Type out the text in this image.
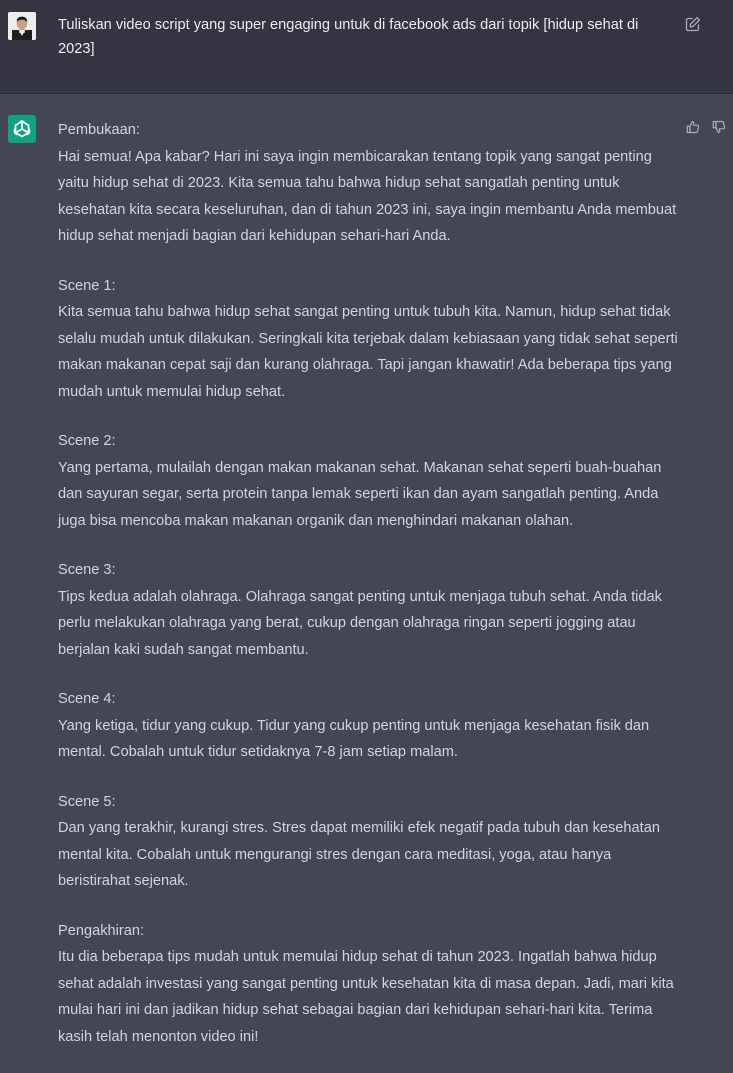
Tuliskan video script yang super engaging untuk di facebook ads dari topik [hidup sehat di 2023]

Pembukaan:

Hai semua! Apa kabar? Hari ini saya ingin membicarakan tentang topik yang sangat penting yaitu hidup sehat di 2023. Kita semua tahu bahwa hidup sehat sangatlah penting untuk kesehatan kita secara keseluruhan, dan di tahun 2023 ini, saya ingin membantu Anda membuat hidup sehat menjadi bagian dari kehidupan sehari-hari Anda.

Scene 1:

Kita semua tahu bahwa hidup sehat sangat penting untuk tubuh kita. Namun, hidup sehat tidak selalu mudah untuk dilakukan. Seringkali kita terjebak dalam kebiasaan yang tidak sehat seperti makan makanan cepat saji dan kurang olahraga. Tapi jangan khawatir! Ada beberapa tips yang mudah untuk memulai hidup sehat.

Scene 2:

Yang pertama, mulailah dengan makan makanan sehat. Makanan sehat seperti buah-buahan dan sayuran segar, serta protein tanpa lemak seperti ikan dan ayam sangatlah penting. Anda juga bisa mencoba makan makanan organik dan menghindari makanan olahan.

Scene 3:

Tips kedua adalah olahraga. Olahraga sangat penting untuk menjaga tubuh sehat. Anda tidak perlu melakukan olahraga yang berat, cukup dengan olahraga ringan seperti jogging atau berjalan kaki sudah sangat membantu.

Scene 4:

Yang ketiga, tidur yang cukup. Tidur yang cukup penting untuk menjaga kesehatan fisik dan mental. Cobalah untuk tidur setidaknya 7-8 jam setiap malam.

Scene 5:

Dan yang terakhir, kurangi stres. Stres dapat memiliki efek negatif pada tubuh dan kesehatan mental kita. Cobalah untuk mengurangi stres dengan cara meditasi, yoga, atau hanya beristirahat sejenak.

Pengakhiran:

Itu dia beberapa tips mudah untuk memulai hidup sehat di tahun 2023. Ingatlah bahwa hidup sehat adalah investasi yang sangat penting untuk kesehatan kita di masa depan. Jadi, mari kita mulai hari ini dan jadikan hidup sehat sebagai bagian dari kehidupan sehari-hari kita. Terima kasih telah menonton video ini!
